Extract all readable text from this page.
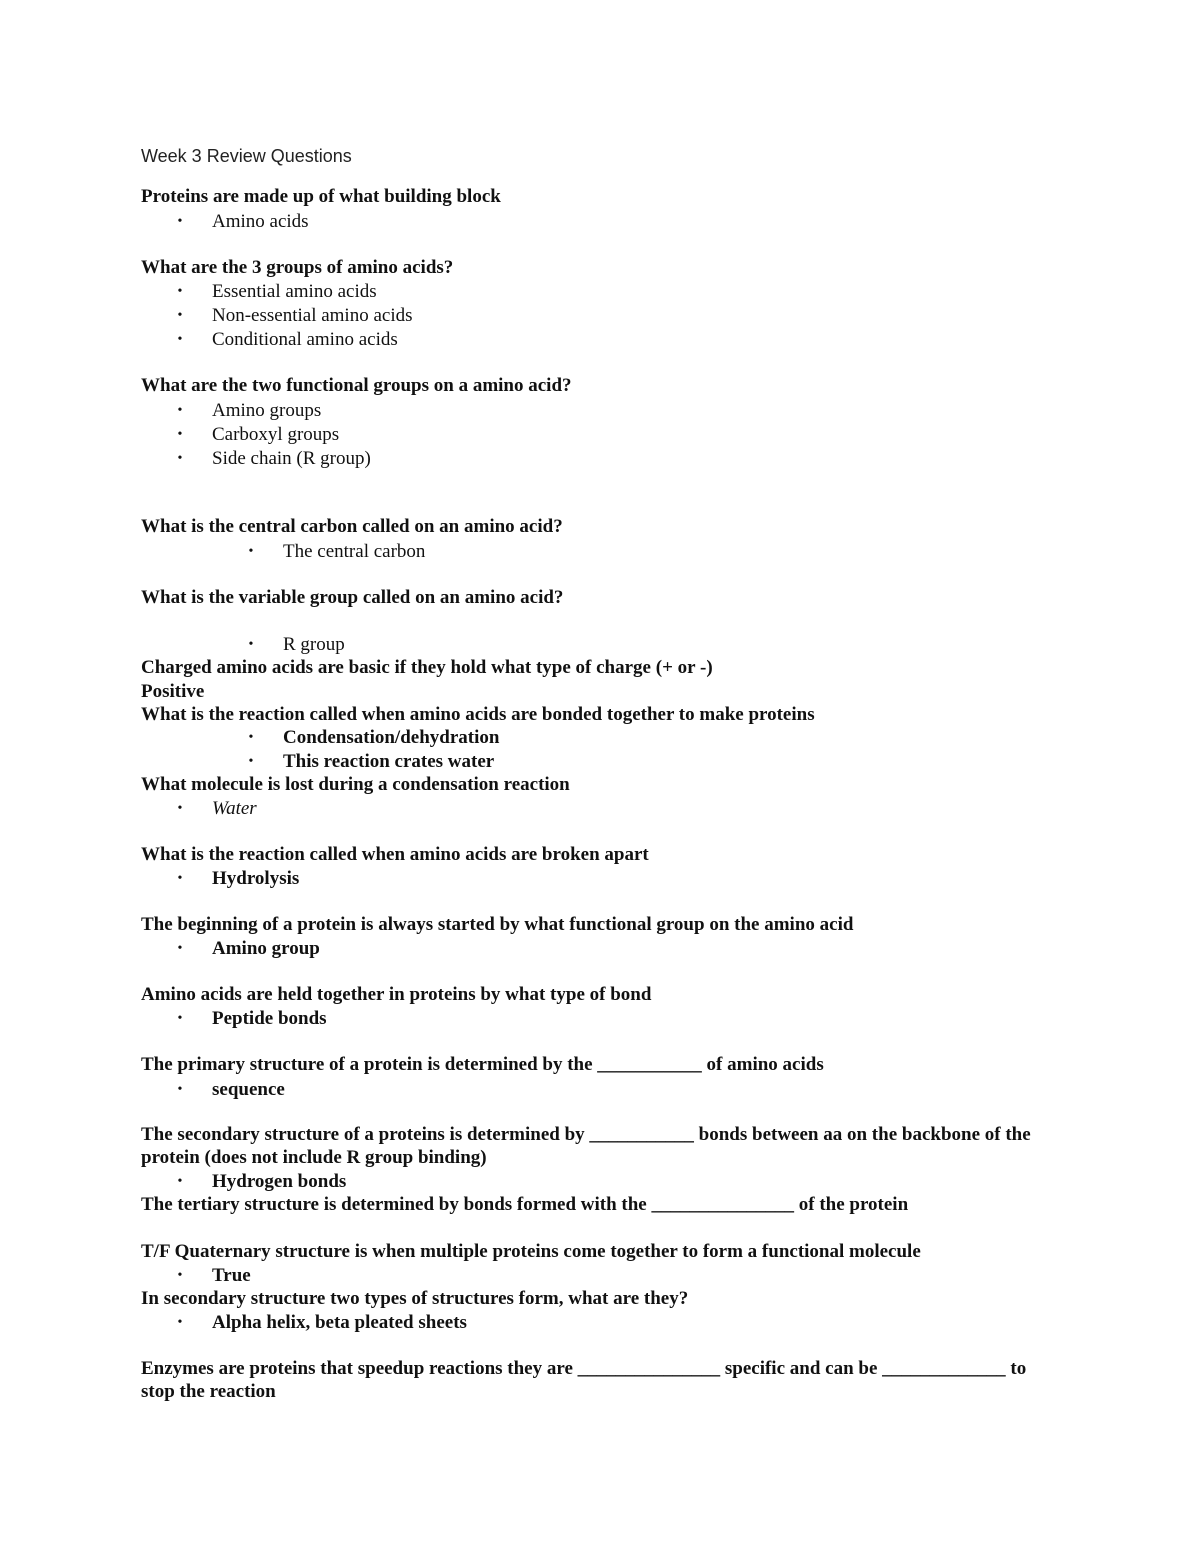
Week 3 Review Questions
Proteins are made up of what building block
• Amino acids
What are the 3 groups of amino acids?
• Essential amino acids
• Non-essential amino acids
• Conditional amino acids
What are the two functional groups on a amino acid?
• Amino groups
• Carboxyl groups
• Side chain (R group)
What is the central carbon called on an amino acid?
• The central carbon
What is the variable group called on an amino acid?
• R group
Charged amino acids are basic if they hold what type of charge (+ or -)
Positive
What is the reaction called when amino acids are bonded together to make proteins
• Condensation/dehydration
• This reaction crates water
What molecule is lost during a condensation reaction
• Water
What is the reaction called when amino acids are broken apart
• Hydrolysis
The beginning of a protein is always started by what functional group on the amino acid
• Amino group
Amino acids are held together in proteins by what type of bond
• Peptide bonds
The primary structure of a protein is determined by the ___________ of amino acids
• sequence
The secondary structure of a proteins is determined by ___________ bonds between aa on the backbone of the protein (does not include R group binding)
• Hydrogen bonds
The tertiary structure is determined by bonds formed with the _______________ of the protein
T/F Quaternary structure is when multiple proteins come together to form a functional molecule
• True
In secondary structure two types of structures form, what are they?
• Alpha helix, beta pleated sheets
Enzymes are proteins that speedup reactions they are _______________ specific and can be _____________ to stop the reaction
